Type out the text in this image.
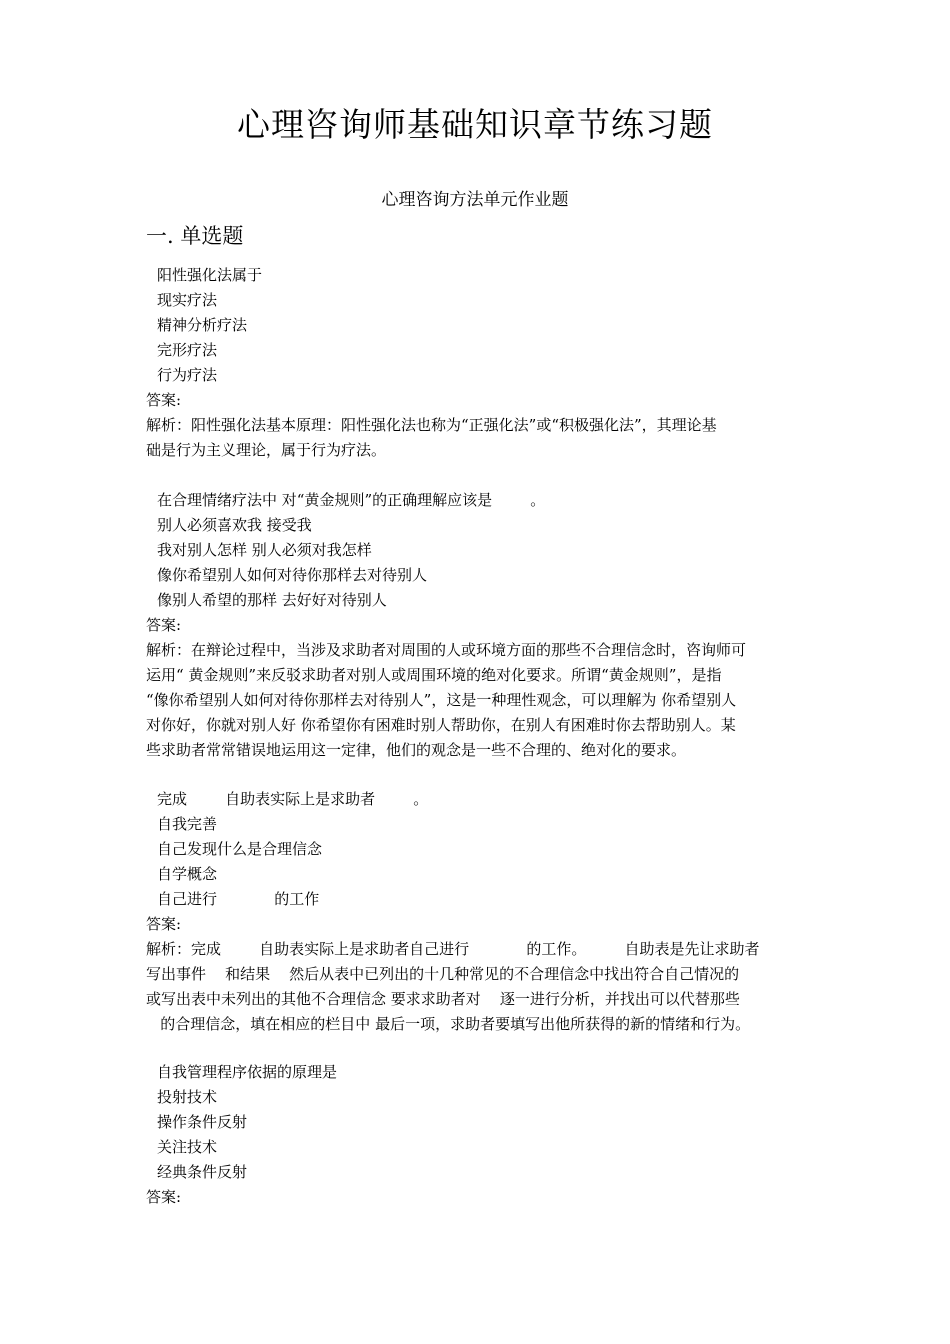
心理咨询师基础知识章节练习题
心理咨询方法单元作业题
一. 单选题
阳性强化法属于
现实疗法
精神分析疗法
完形疗法
行为疗法
答案:
解析：阳性强化法基本原理：阳性强化法也称为“正强化法”或“积极强化法”，其理论基
础是行为主义理论，属于行为疗法。
在合理情绪疗法中 对“黄金规则”的正确理解应该是        。
别人必须喜欢我 接受我
我对别人怎样 别人必须对我怎样
像你希望别人如何对待你那样去对待别人
像别人希望的那样 去好好对待别人
答案:
解析：在辩论过程中，当涉及求助者对周围的人或环境方面的那些不合理信念时，咨询师可
运用“ 黄金规则”来反驳求助者对别人或周围环境的绝对化要求。所谓“黄金规则”，是指
“像你希望别人如何对待你那样去对待别人”，这是一种理性观念，可以理解为 你希望别人
对你好，你就对别人好 你希望你有困难时别人帮助你，在别人有困难时你去帮助别人。某
些求助者常常错误地运用这一定律，他们的观念是一些不合理的、绝对化的要求。
完成        自助表实际上是求助者        。
自我完善
自己发现什么是合理信念
自学概念
自己进行            的工作
答案:
解析：完成        自助表实际上是求助者自己进行            的工作。        自助表是先让求助者
写出事件    和结果    然后从表中已列出的十几种常见的不合理信念中找出符合自己情况的
或写出表中未列出的其他不合理信念 要求求助者对    逐一进行分析，并找出可以代替那些
的合理信念，填在相应的栏目中 最后一项，求助者要填写出他所获得的新的情绪和行为。
自我管理程序依据的原理是
投射技术
操作条件反射
关注技术
经典条件反射
答案:
